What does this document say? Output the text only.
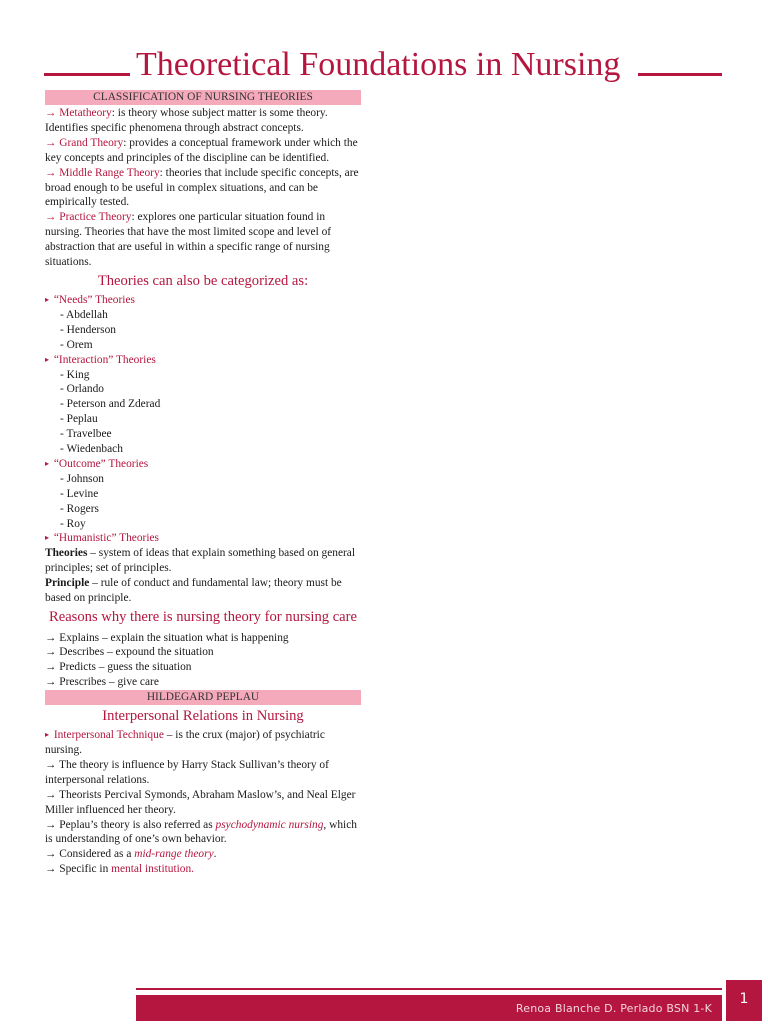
Theoretical Foundations in Nursing
CLASSIFICATION OF NURSING THEORIES

→ Metatheory: is theory whose subject matter is some theory. Identifies specific phenomena through abstract concepts.

→ Grand Theory: provides a conceptual framework under which the key concepts and principles of the discipline can be identified.

→ Middle Range Theory: theories that include specific concepts, are broad enough to be useful in complex situations, and can be empirically tested.

→ Practice Theory: explores one particular situation found in nursing. Theories that have the most limited scope and level of abstraction that are useful in within a specific range of nursing situations.

Theories can also be categorized as:

▸ “Needs” Theories

- Abdellah

- Henderson

- Orem

▸ “Interaction” Theories

- King

- Orlando

- Peterson and Zderad

- Peplau

- Travelbee

- Wiedenbach

▸ “Outcome” Theories

- Johnson

- Levine

- Rogers

- Roy

▸ “Humanistic” Theories

Theories – system of ideas that explain something based on general principles; set of principles.

Principle – rule of conduct and fundamental law; theory must be based on principle.

Reasons why there is nursing theory for nursing care

→ Explains – explain the situation what is happening

→ Describes – expound the situation

→ Predicts – guess the situation

→ Prescribes – give care

HILDEGARD PEPLAU
Interpersonal Relations in Nursing

▸ Interpersonal Technique – is the crux (major) of psychiatric nursing.

→ The theory is influence by Harry Stack Sullivan’s theory of interpersonal relations.

→ Theorists Percival Symonds, Abraham Maslow’s, and Neal Elger Miller influenced her theory.

→ Peplau’s theory is also referred as psychodynamic nursing, which is understanding of one’s own behavior.

→ Considered as a mid-range theory.

→ Specific in mental institution.

Renoa Blanche D. Perlado BSN 1-K
1
